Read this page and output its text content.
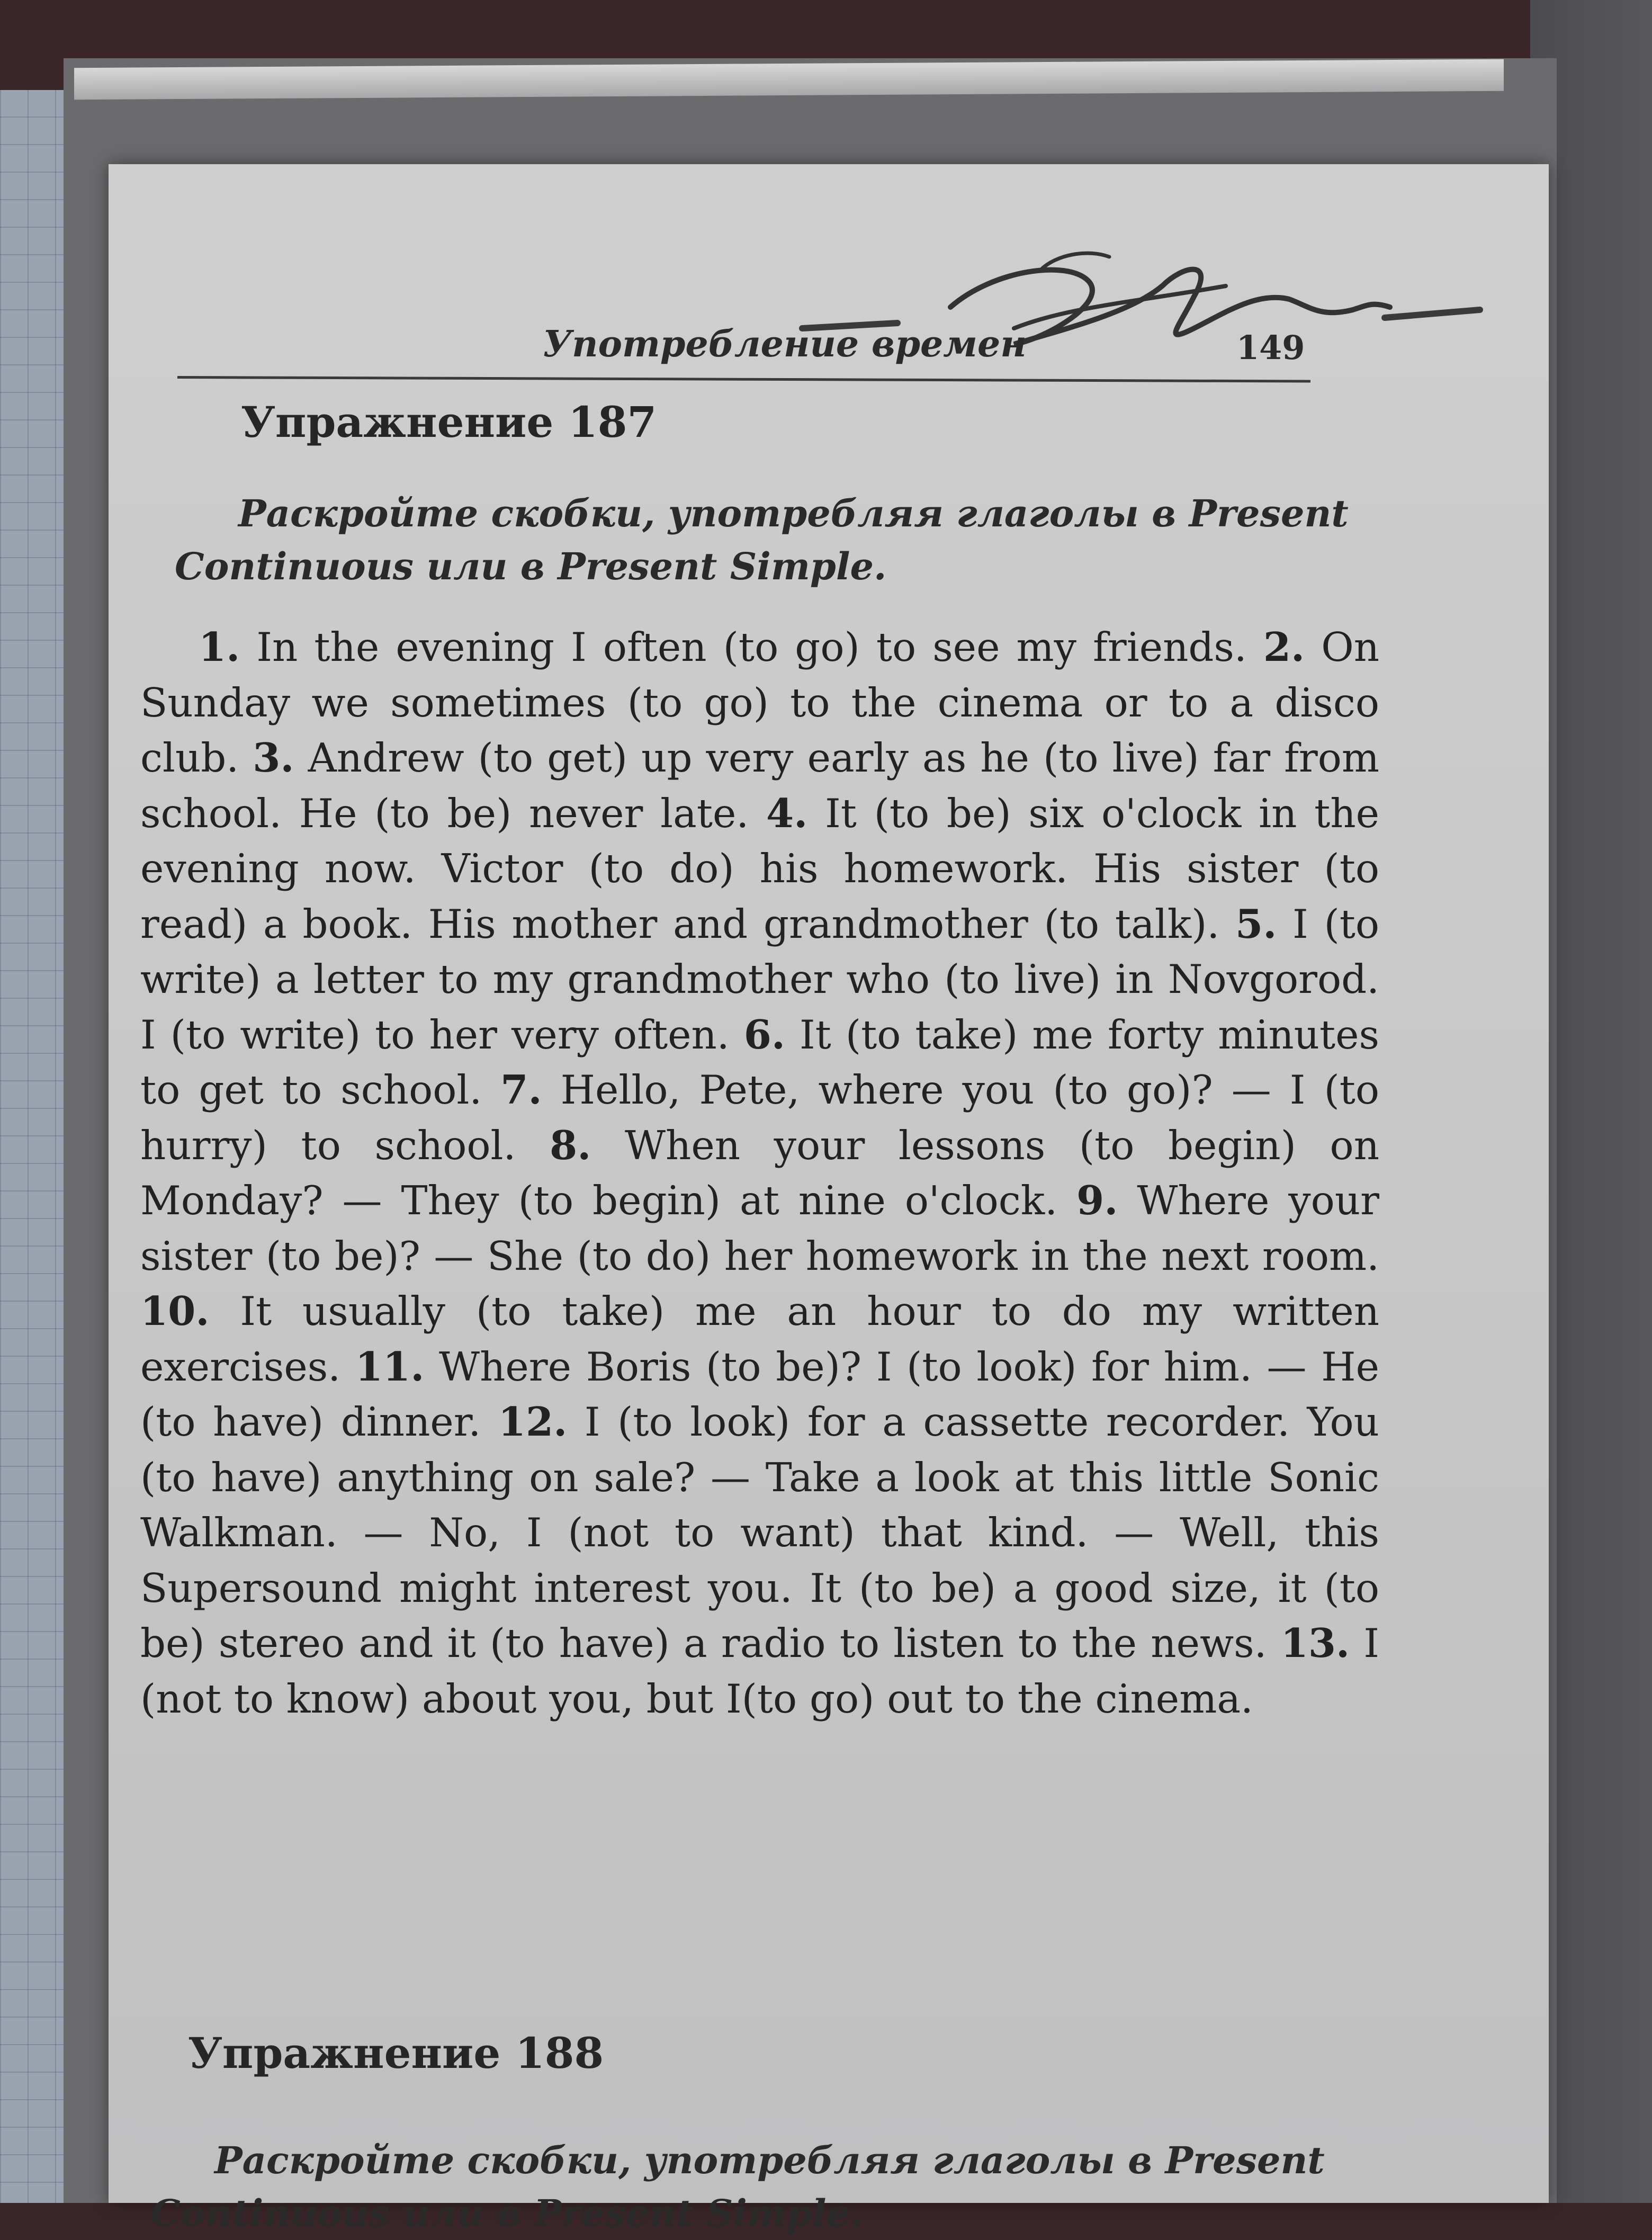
Употребление времен	149
Упражнение 187
Раскройте скобки, употребляя глаголы в Present Continuous или в Present Simple.

1. In the evening I often (to go) to see my friends. 2. On Sunday we sometimes (to go) to the cinema or to a disco club. 3. Andrew (to get) up very early as he (to live) far from school. He (to be) never late. 4. It (to be) six o'clock in the evening now. Victor (to do) his homework. His sister (to read) a book. His mother and grandmother (to talk). 5. I (to write) a letter to my grandmother who (to live) in Novgorod. I (to write) to her very often. 6. It (to take) me forty minutes to get to school. 7. Hello, Pete, where you (to go)? — I (to hurry) to school. 8. When your lessons (to begin) on Monday? — They (to begin) at nine o'clock. 9. Where your sister (to be)? — She (to do) her homework in the next room. 10. It usually (to take) me an hour to do my written exercises. 11. Where Boris (to be)? I (to look) for him. — He (to have) dinner. 12. I (to look) for a cassette recorder. You (to have) anything on sale? — Take a look at this little Sonic Walkman. — No, I (not to want) that kind. — Well, this Supersound might interest you. It (to be) a good size, it (to be) stereo and it (to have) a radio to listen to the news. 13. I (not to know) about you, but I(to go) out to the cinema.

Упражнение 188
Раскройте скобки, употребляя глаголы в Present Continuous или в Present Simple.
